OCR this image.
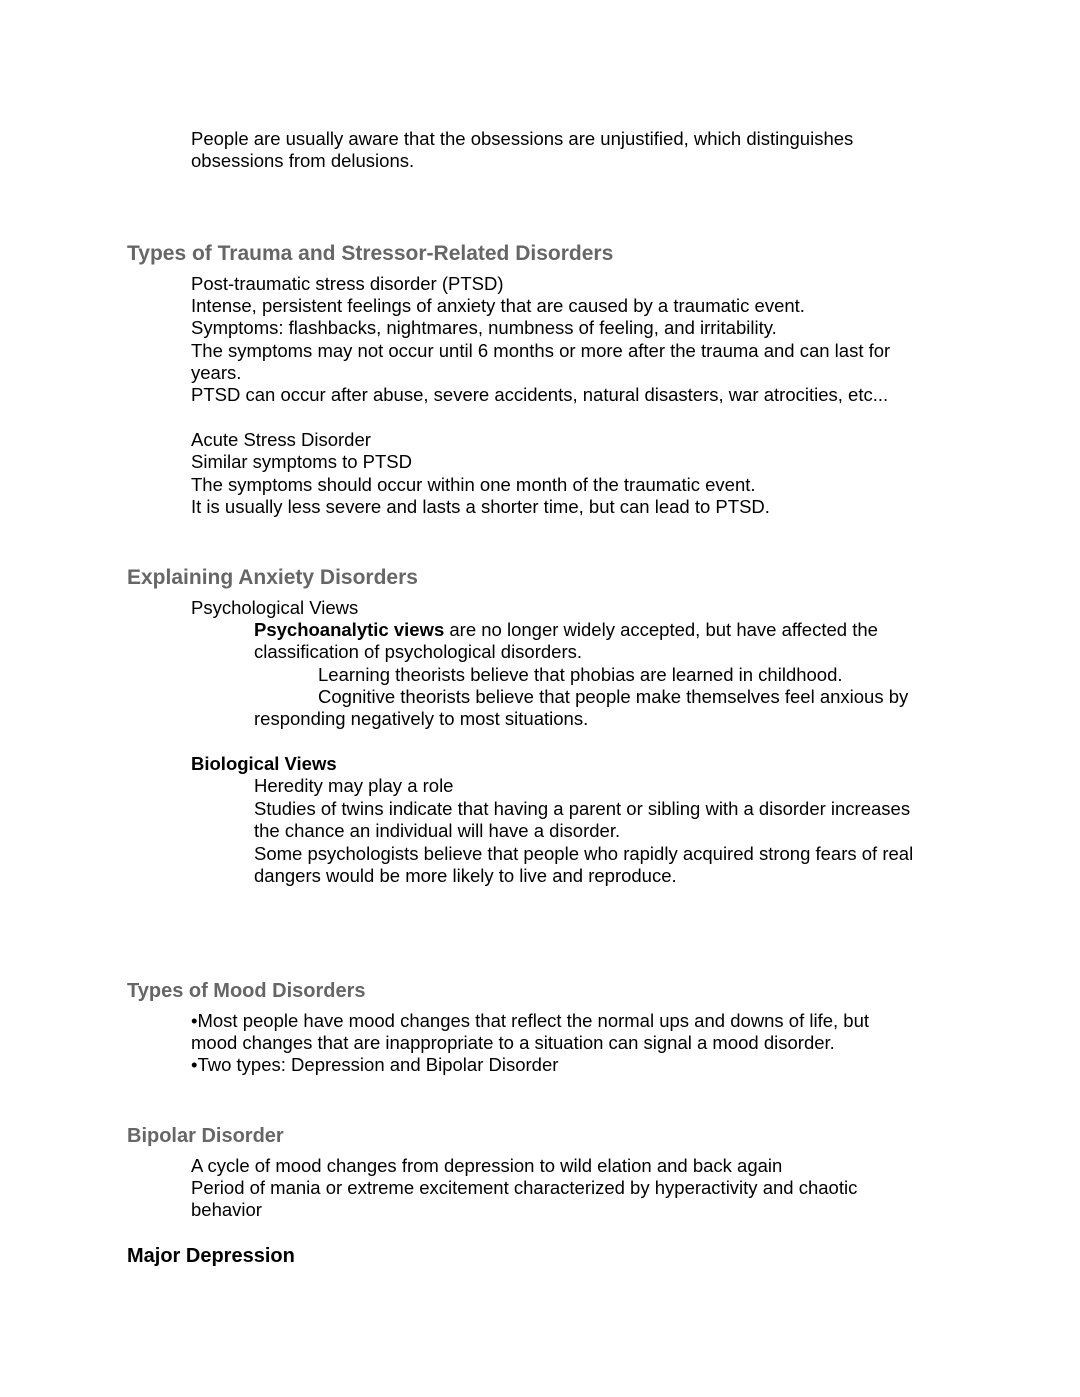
People are usually aware that the obsessions are unjustified, which distinguishes

obsessions from delusions.

Types of Trauma and Stressor-Related Disorders

Post-traumatic stress disorder (PTSD)

Intense, persistent feelings of anxiety that are caused by a traumatic event.

Symptoms: flashbacks, nightmares, numbness of feeling, and irritability.

The symptoms may not occur until 6 months or more after the trauma and can last for

years.

PTSD can occur after abuse, severe accidents, natural disasters, war atrocities, etc...

Acute Stress Disorder

Similar symptoms to PTSD

The symptoms should occur within one month of the traumatic event.

It is usually less severe and lasts a shorter time, but can lead to PTSD.

Explaining Anxiety Disorders

Psychological Views

Psychoanalytic views are no longer widely accepted, but have affected the

classification of psychological disorders.

Learning theorists believe that phobias are learned in childhood.

Cognitive theorists believe that people make themselves feel anxious by

responding negatively to most situations.

Biological Views

Heredity may play a role

Studies of twins indicate that having a parent or sibling with a disorder increases

the chance an individual will have a disorder.

Some psychologists believe that people who rapidly acquired strong fears of real

dangers would be more likely to live and reproduce.

Types of Mood Disorders

•Most people have mood changes that reflect the normal ups and downs of life, but

mood changes that are inappropriate to a situation can signal a mood disorder.

•Two types: Depression and Bipolar Disorder

Bipolar Disorder

A cycle of mood changes from depression to wild elation and back again

Period of mania or extreme excitement characterized by hyperactivity and chaotic

behavior

Major Depression
